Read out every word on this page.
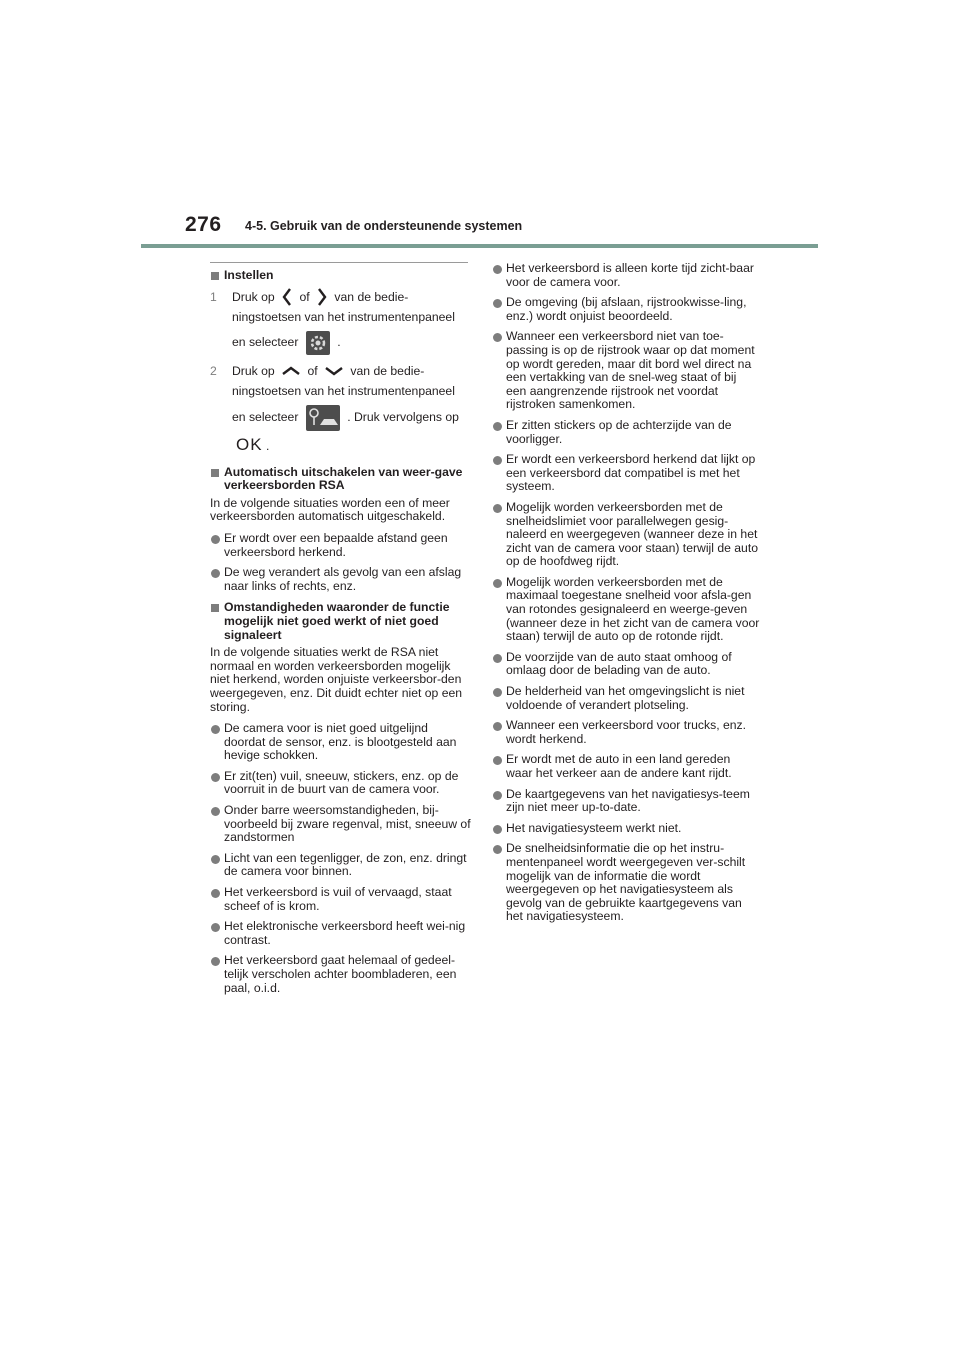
276 4-5. Gebruik van de ondersteunende systemen
Instellen
1 Druk op of van de bedie-
ningstoetsen van het instrumentenpaneel
en selecteer	.
2 Druk op	of	van de bedie-
ningstoetsen van het instrumentenpaneel
en selecteer	. Druk vervolgens op
OK .
Automatisch uitschakelen van weer-gave verkeersborden RSA

In de volgende situaties worden een of meer verkeersborden automatisch uitgeschakeld.

Er wordt over een bepaalde afstand geen verkeersbord herkend.
De weg verandert als gevolg van een afslag naar links of rechts, enz.
Omstandigheden waaronder de functie mogelijk niet goed werkt of niet goed signaleert

In de volgende situaties werkt de RSA niet normaal en worden verkeersborden mogelijk niet herkend, worden onjuiste verkeersbor-den weergegeven, enz. Dit duidt echter niet op een storing.

De camera voor is niet goed uitgelijnd doordat de sensor, enz. is blootgesteld aan hevige schokken.
Er zit(ten) vuil, sneeuw, stickers, enz. op de voorruit in de buurt van de camera voor.
Onder barre weersomstandigheden, bij-voorbeeld bij zware regenval, mist, sneeuw of zandstormen
Licht van een tegenligger, de zon, enz. dringt de camera voor binnen.
Het verkeersbord is vuil of vervaagd, staat scheef of is krom.
Het elektronische verkeersbord heeft wei-nig contrast.
Het verkeersbord gaat helemaal of gedeel-telijk verscholen achter boombladeren, een paal, o.i.d.
Het verkeersbord is alleen korte tijd zicht-baar voor de camera voor.
De omgeving (bij afslaan, rijstrookwisse-ling, enz.) wordt onjuist beoordeeld.
Wanneer een verkeersbord niet van toe-passing is op de rijstrook waar op dat moment op wordt gereden, maar dit bord wel direct na een vertakking van de snel-weg staat of bij een aangrenzende rijstrook net voordat rijstroken samenkomen.
Er zitten stickers op de achterzijde van de voorligger.
Er wordt een verkeersbord herkend dat lijkt op een verkeersbord dat compatibel is met het systeem.
Mogelijk worden verkeersborden met de snelheidslimiet voor parallelwegen gesig-naleerd en weergegeven (wanneer deze in het zicht van de camera voor staan) terwijl de auto op de hoofdweg rijdt.
Mogelijk worden verkeersborden met de maximaal toegestane snelheid voor afsla-gen van rotondes gesignaleerd en weerge-geven (wanneer deze in het zicht van de camera voor staan) terwijl de auto op de rotonde rijdt.
De voorzijde van de auto staat omhoog of omlaag door de belading van de auto.
De helderheid van het omgevingslicht is niet voldoende of verandert plotseling.
Wanneer een verkeersbord voor trucks, enz. wordt herkend.
Er wordt met de auto in een land gereden waar het verkeer aan de andere kant rijdt.
De kaartgegevens van het navigatiesys-teem zijn niet meer up-to-date.
Het navigatiesysteem werkt niet.
De snelheidsinformatie die op het instru-mentenpaneel wordt weergegeven ver-schilt mogelijk van de informatie die wordt weergegeven op het navigatiesysteem als gevolg van de gebruikte kaartgegevens van het navigatiesysteem.
